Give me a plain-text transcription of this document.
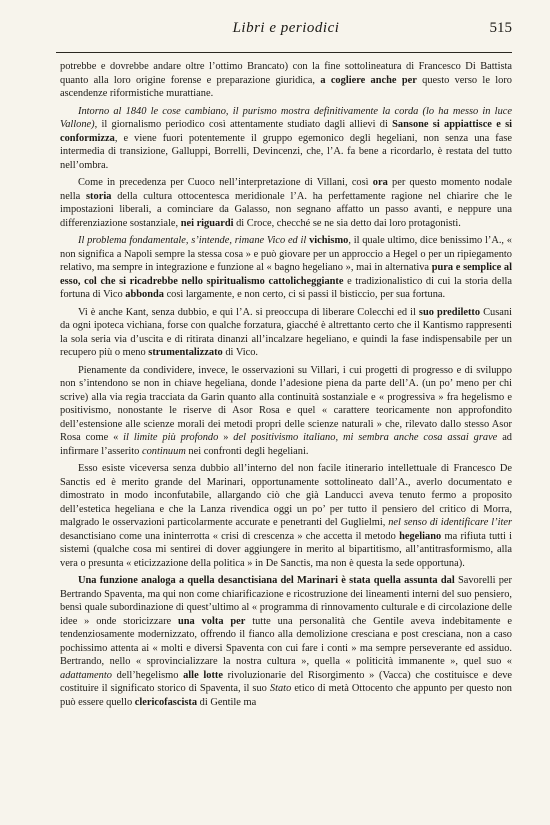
Libri e periodici	515

potrebbe e dovrebbe andare oltre l’ottimo Brancato) con la fine sottolineatura di Francesco Di Battista quanto alla loro origine forense e preparazione giuridica, a cogliere anche per questo verso le loro ascendenze riformistiche murattiane.

Intorno al 1840 le cose cambiano, il purismo mostra definitivamente la corda (lo ha messo in luce Vallone), il giornalismo periodico così attentamente studiato dagli allievi di Sansone si appiattisce e si conformizza, e viene fuori potentemente il gruppo egemonico degli hegeliani, non senza una fase intermedia di transizione, Galluppi, Borrelli, Devincenzi, che, l’A. fa bene a ricordarlo, è restata del tutto nell’ombra.

Come in precedenza per Cuoco nell’interpretazione di Villani, così ora per questo momento nodale nella storia della cultura ottocentesca meridionale l’A. ha perfettamente ragione nel chiarire che le impostazioni liberali, a cominciare da Galasso, non segnano affatto un passo avanti, e neppure una differenziazione sostanziale, nei riguardi di Croce, checché se ne sia detto dai loro protagonisti.

Il problema fondamentale, s’intende, rimane Vico ed il vichismo, il quale ultimo, dice benissimo l’A., « non significa a Napoli sempre la stessa cosa » e può giovare per un approccio a Hegel o per un ripiegamento relativo, ma sempre in integrazione e funzione al « bagno hegeliano », mai in alternativa pura e semplice al esso, col che si ricadrebbe nello spiritualismo cattolicheggiante e tradizionalistico di cui la storia della fortuna di Vico abbonda così largamente, e non certo, ci si passi il bisticcio, per sua fortuna.

Vi è anche Kant, senza dubbio, e quì l’A. si preoccupa di liberare Colecchi ed il suo prediletto Cusani da ogni ipoteca vichiana, forse con qualche forzatura, giacché è altrettanto certo che il Kantismo rappresenti la sola seria via d’uscita e di ritirata dinanzi all’incalzare hegeliano, e quindi la fase indispensabile per un recupero più o meno strumentalizzato di Vico.

Pienamente da condividere, invece, le osservazioni su Villari, i cui progetti di progresso e di sviluppo non s’intendono se non in chiave hegeliana, donde l’adesione piena da parte dell’A. (un po’ meno per chi scrive) alla via regia tracciata da Garin quanto alla continuità sostanziale e « progressiva » fra hegelismo e positivismo, nonostante le riserve di Asor Rosa e quel « carattere teoricamente non approfondito dell’estensione alle scienze morali dei metodi propri delle scienze naturali » che, rilevato dallo stesso Asor Rosa come « il limite più profondo » del positivismo italiano, mi sembra anche cosa assai grave ad infirmare l’asserito continuum nei confronti degli hegeliani.

Esso esiste viceversa senza dubbio all’interno del non facile itinerario intellettuale di Francesco De Sanctis ed è merito grande del Marinari, opportunamente sottolineato dall’A., averlo documentato e dimostrato in modo inconfutabile, allargando ciò che già Landucci aveva tenuto fermo a proposito dell’estetica hegeliana e che la Lanza rivendica oggi un po’ per tutto il pensiero del critico di Morra, malgrado le osservazioni particolarmente accurate e penetranti del Guglielmi, nel senso di identificare l’iter desanctisiano come una ininterrotta « crisi di crescenza » che accetta il metodo hegeliano ma rifiuta tutti i sistemi (qualche cosa mi sentirei di dover aggiungere in merito al bipartitismo, all’antitrasformismo, alla vera o presunta « eticizzazione della politica » in De Sanctis, ma non è questa la sede opportuna).

Una funzione analoga a quella desanctisiana del Marinari è stata quella assunta dal Savorelli per Bertrando Spaventa, ma qui non come chiarificazione e ricostruzione dei lineamenti interni del suo pensiero, bensì quale subordinazione di quest’ultimo al « programma di rinnovamento culturale e di circolazione delle idee » onde storicizzare una volta per tutte una personalità che Gentile aveva indebitamente e tendenziosamente modernizzato, offrendo il fianco alla demolizione cresciana e post cresciana, non a caso pochissimo attenta ai « molti e diversi Spaventa con cui fare i conti » ma sempre perseverante ed assiduo. Bertrando, nello « sprovincializzare la nostra cultura », quella « politicità immanente », quel suo « adattamento dell’hegelismo alle lotte rivoluzionarie del Risorgimento » (Vacca) che costituisce e deve costituire il significato storico di Spaventa, il suo Stato etico di metà Ottocento che appunto per questo non può essere quello clericofascista di Gentile ma
